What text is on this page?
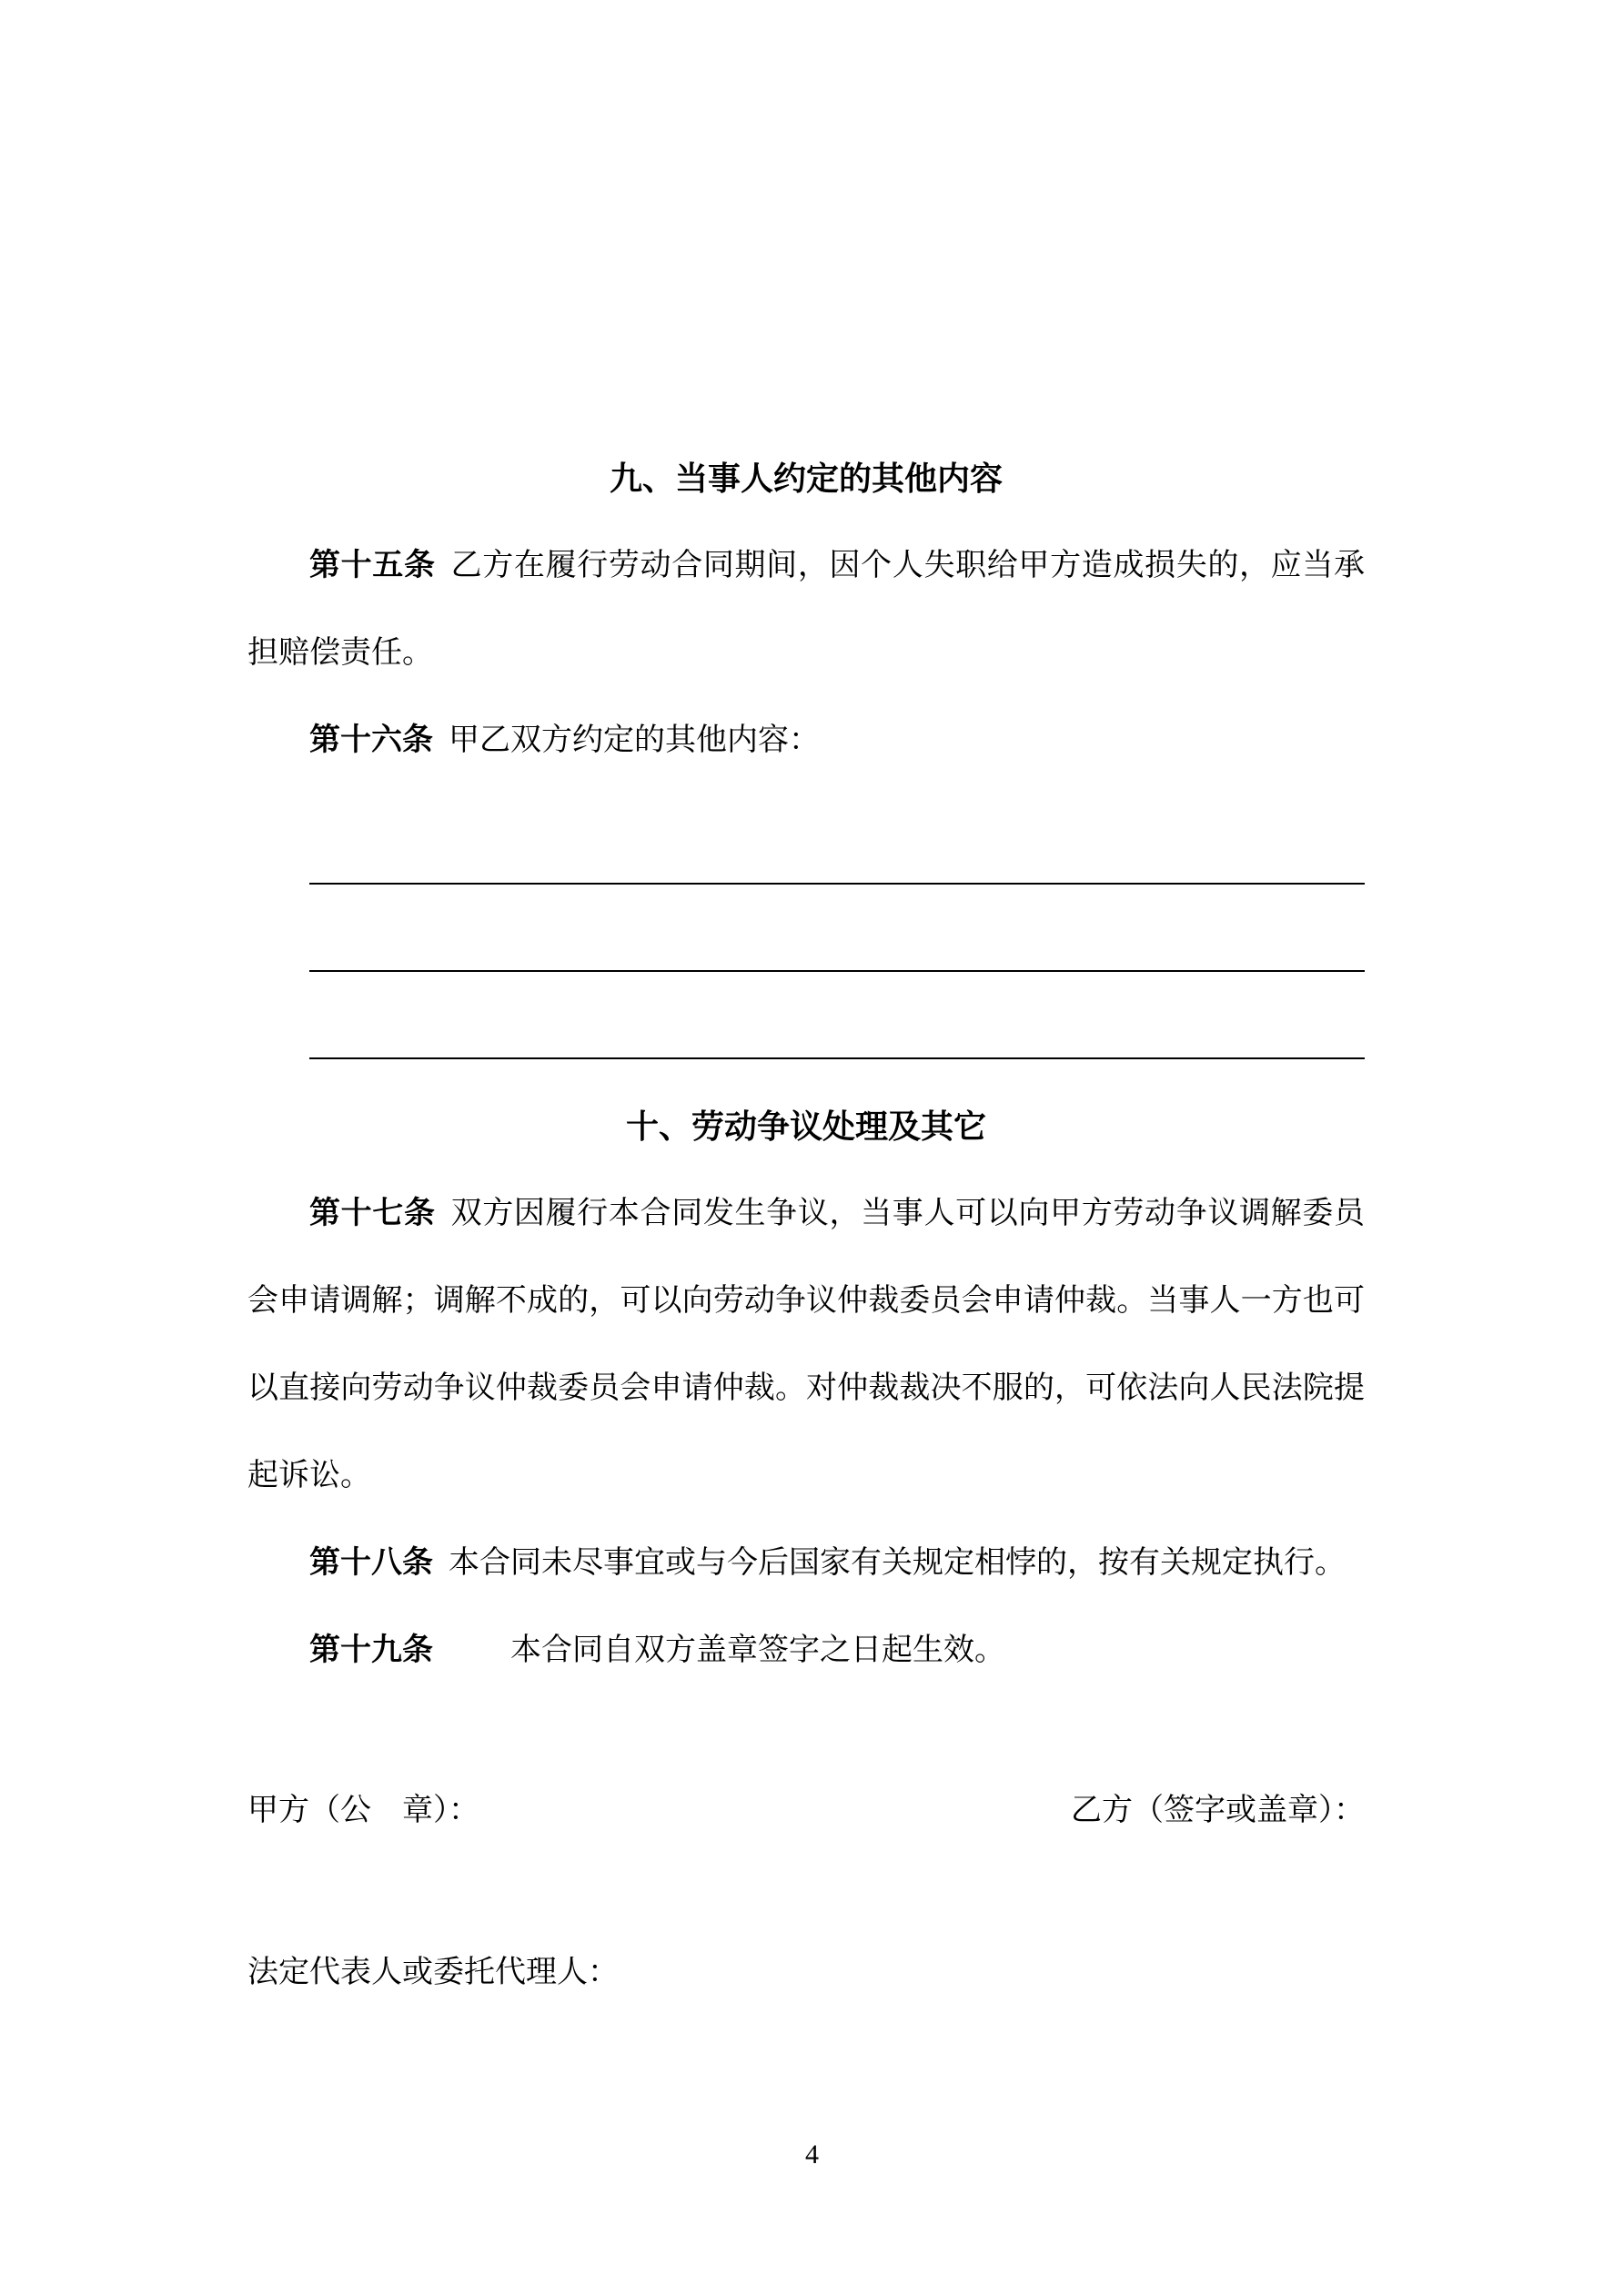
九、当事人约定的其他内容

第十五条 乙方在履行劳动合同期间，因个人失职给甲方造成损失的，应当承担赔偿责任。

第十六条 甲乙双方约定的其他内容：

十、劳动争议处理及其它

第十七条 双方因履行本合同发生争议，当事人可以向甲方劳动争议调解委员会申请调解；调解不成的，可以向劳动争议仲裁委员会申请仲裁。当事人一方也可以直接向劳动争议仲裁委员会申请仲裁。对仲裁裁决不服的，可依法向人民法院提起诉讼。

第十八条 本合同未尽事宜或与今后国家有关规定相悖的，按有关规定执行。

第十九条　　本合同自双方盖章签字之日起生效。

甲方（公　章）：	乙方（签字或盖章）：
法定代表人或委托代理人：
4
